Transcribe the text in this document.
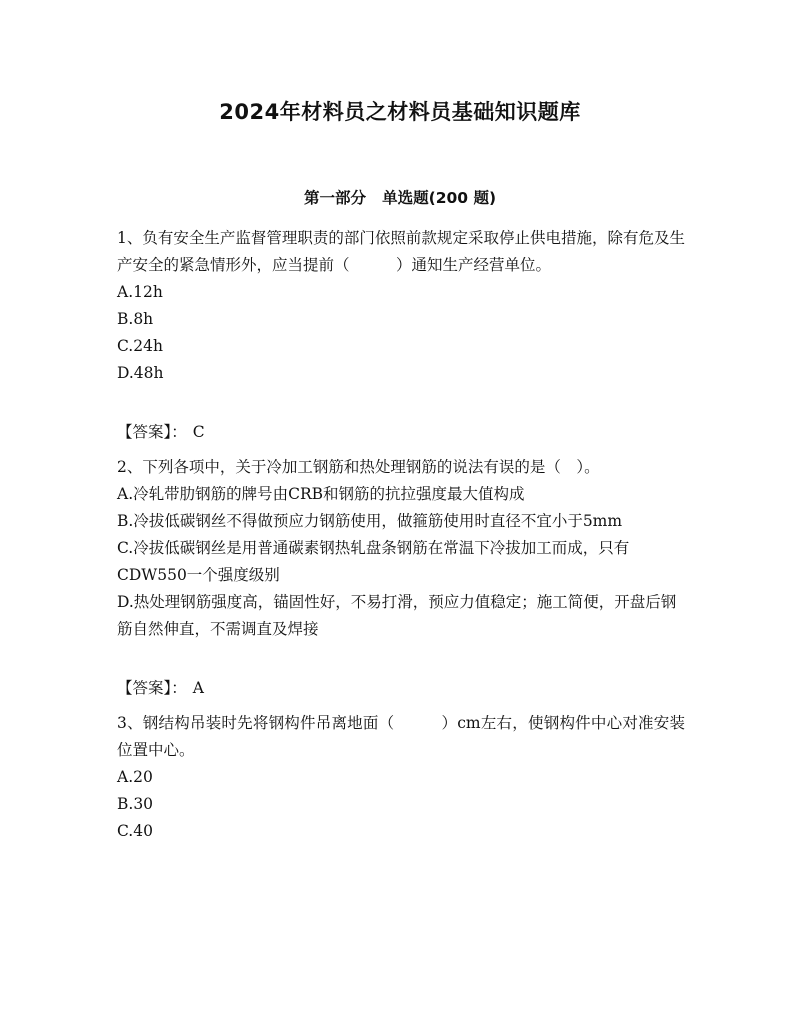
2024年材料员之材料员基础知识题库
第一部分   单选题(200 题)

1、负有安全生产监督管理职责的部门依照前款规定采取停止供电措施，除有危及生产安全的紧急情形外，应当提前（　　　）通知生产经营单位。

A.12h

B.8h

C.24h

D.48h

【答案】： C

2、下列各项中，关于冷加工钢筋和热处理钢筋的说法有误的是（　）。

A.冷轧带肋钢筋的牌号由CRB和钢筋的抗拉强度最大值构成

B.冷拔低碳钢丝不得做预应力钢筋使用，做箍筋使用时直径不宜小于5mm

C.冷拔低碳钢丝是用普通碳素钢热轧盘条钢筋在常温下冷拔加工而成，只有CDW550一个强度级别

D.热处理钢筋强度高，锚固性好，不易打滑，预应力值稳定；施工简便，开盘后钢筋自然伸直，不需调直及焊接

【答案】： A

3、钢结构吊装时先将钢构件吊离地面（　　　）cm左右，使钢构件中心对准安装位置中心。

A.20

B.30

C.40
